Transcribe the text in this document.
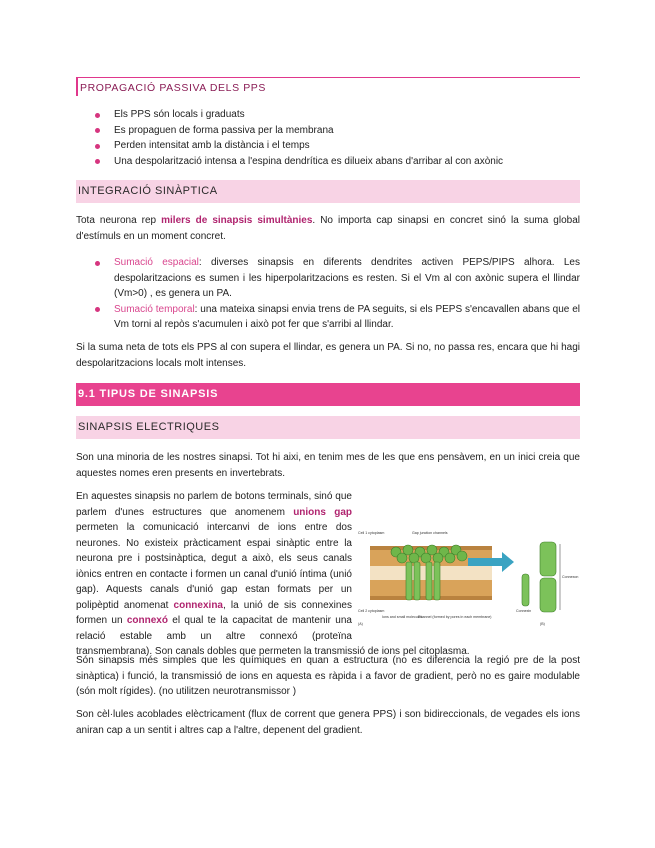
PROPAGACIÓ PASSIVA DELS PPS
Els PPS són locals i graduats
Es propaguen de forma passiva per la membrana
Perden intensitat amb la distància i el temps
Una despolarització intensa a l'espina dendrítica es dilueix abans d'arribar al con axònic
INTEGRACIÓ SINÀPTICA

Tota neurona rep milers de sinapsis simultànies. No importa cap sinapsi en concret sinó la suma global d'estímuls en un moment concret.

Sumació espacial: diverses sinapsis en diferents dendrites activen PEPS/PIPS alhora. Les despolaritzacions es sumen i les hiperpolaritzacions es resten. Si el Vm al con axònic supera el llindar (Vm>0) , es genera un PA.
Sumació temporal: una mateixa sinapsi envia trens de PA seguits, si els PEPS s'encavallen abans que el Vm torni al repòs s'acumulen i això pot fer que s'arribi al llindar.

Si la suma neta de tots els PPS al con supera el llindar, es genera un PA. Si no, no passa res, encara que hi hagi despolaritzacions locals molt intenses.

9.1 TIPUS DE SINAPSIS
SINAPSIS ELECTRIQUES

Son una minoria de les nostres sinapsi. Tot hi aixi, en tenim mes de les que ens pensàvem, en un inici creia que aquestes nomes eren presents en invertebrats.

En aquestes sinapsis no parlem de botons terminals, sinó que parlem d'unes estructures que anomenem unions gap permeten la comunicació intercanvi de ions entre dos neurones. No existeix pràcticament espai sinàptic entre la neurona pre i postsinàptica, degut a això, els seus canals iònics entren en contacte i formen un canal d'unió íntima (unió gap). Aquests canals d'unió gap estan formats per un polipèptid anomenat connexina, la unió de sis connexines formen un connexó el qual te la capacitat de mantenir una relació estable amb un altre connexó (proteïna transmembrana). Son canals dobles que permeten la transmissió de ions pel citoplasma.

Cell 1 cytoplasm	Gap junction channels
Cell 2 cytoplasm
Ions and small molecules
Channel (formed by pores in each membrane)
Connexin
Connexon
(A)	(B)

Són sinapsis més simples que les químiques en quan a estructura (no es diferencia la regió pre de la post sinàptica) i funció, la transmissió de ions en aquesta es ràpida i a favor de gradient, però no es gaire modulable (són molt rígides). (no utilitzen neurotransmissor )

Son cèl·lules acoblades elèctricament (flux de corrent que genera PPS) i son bidireccionals, de vegades els ions aniran cap a un sentit i altres cap a l'altre, depenent del gradient.
